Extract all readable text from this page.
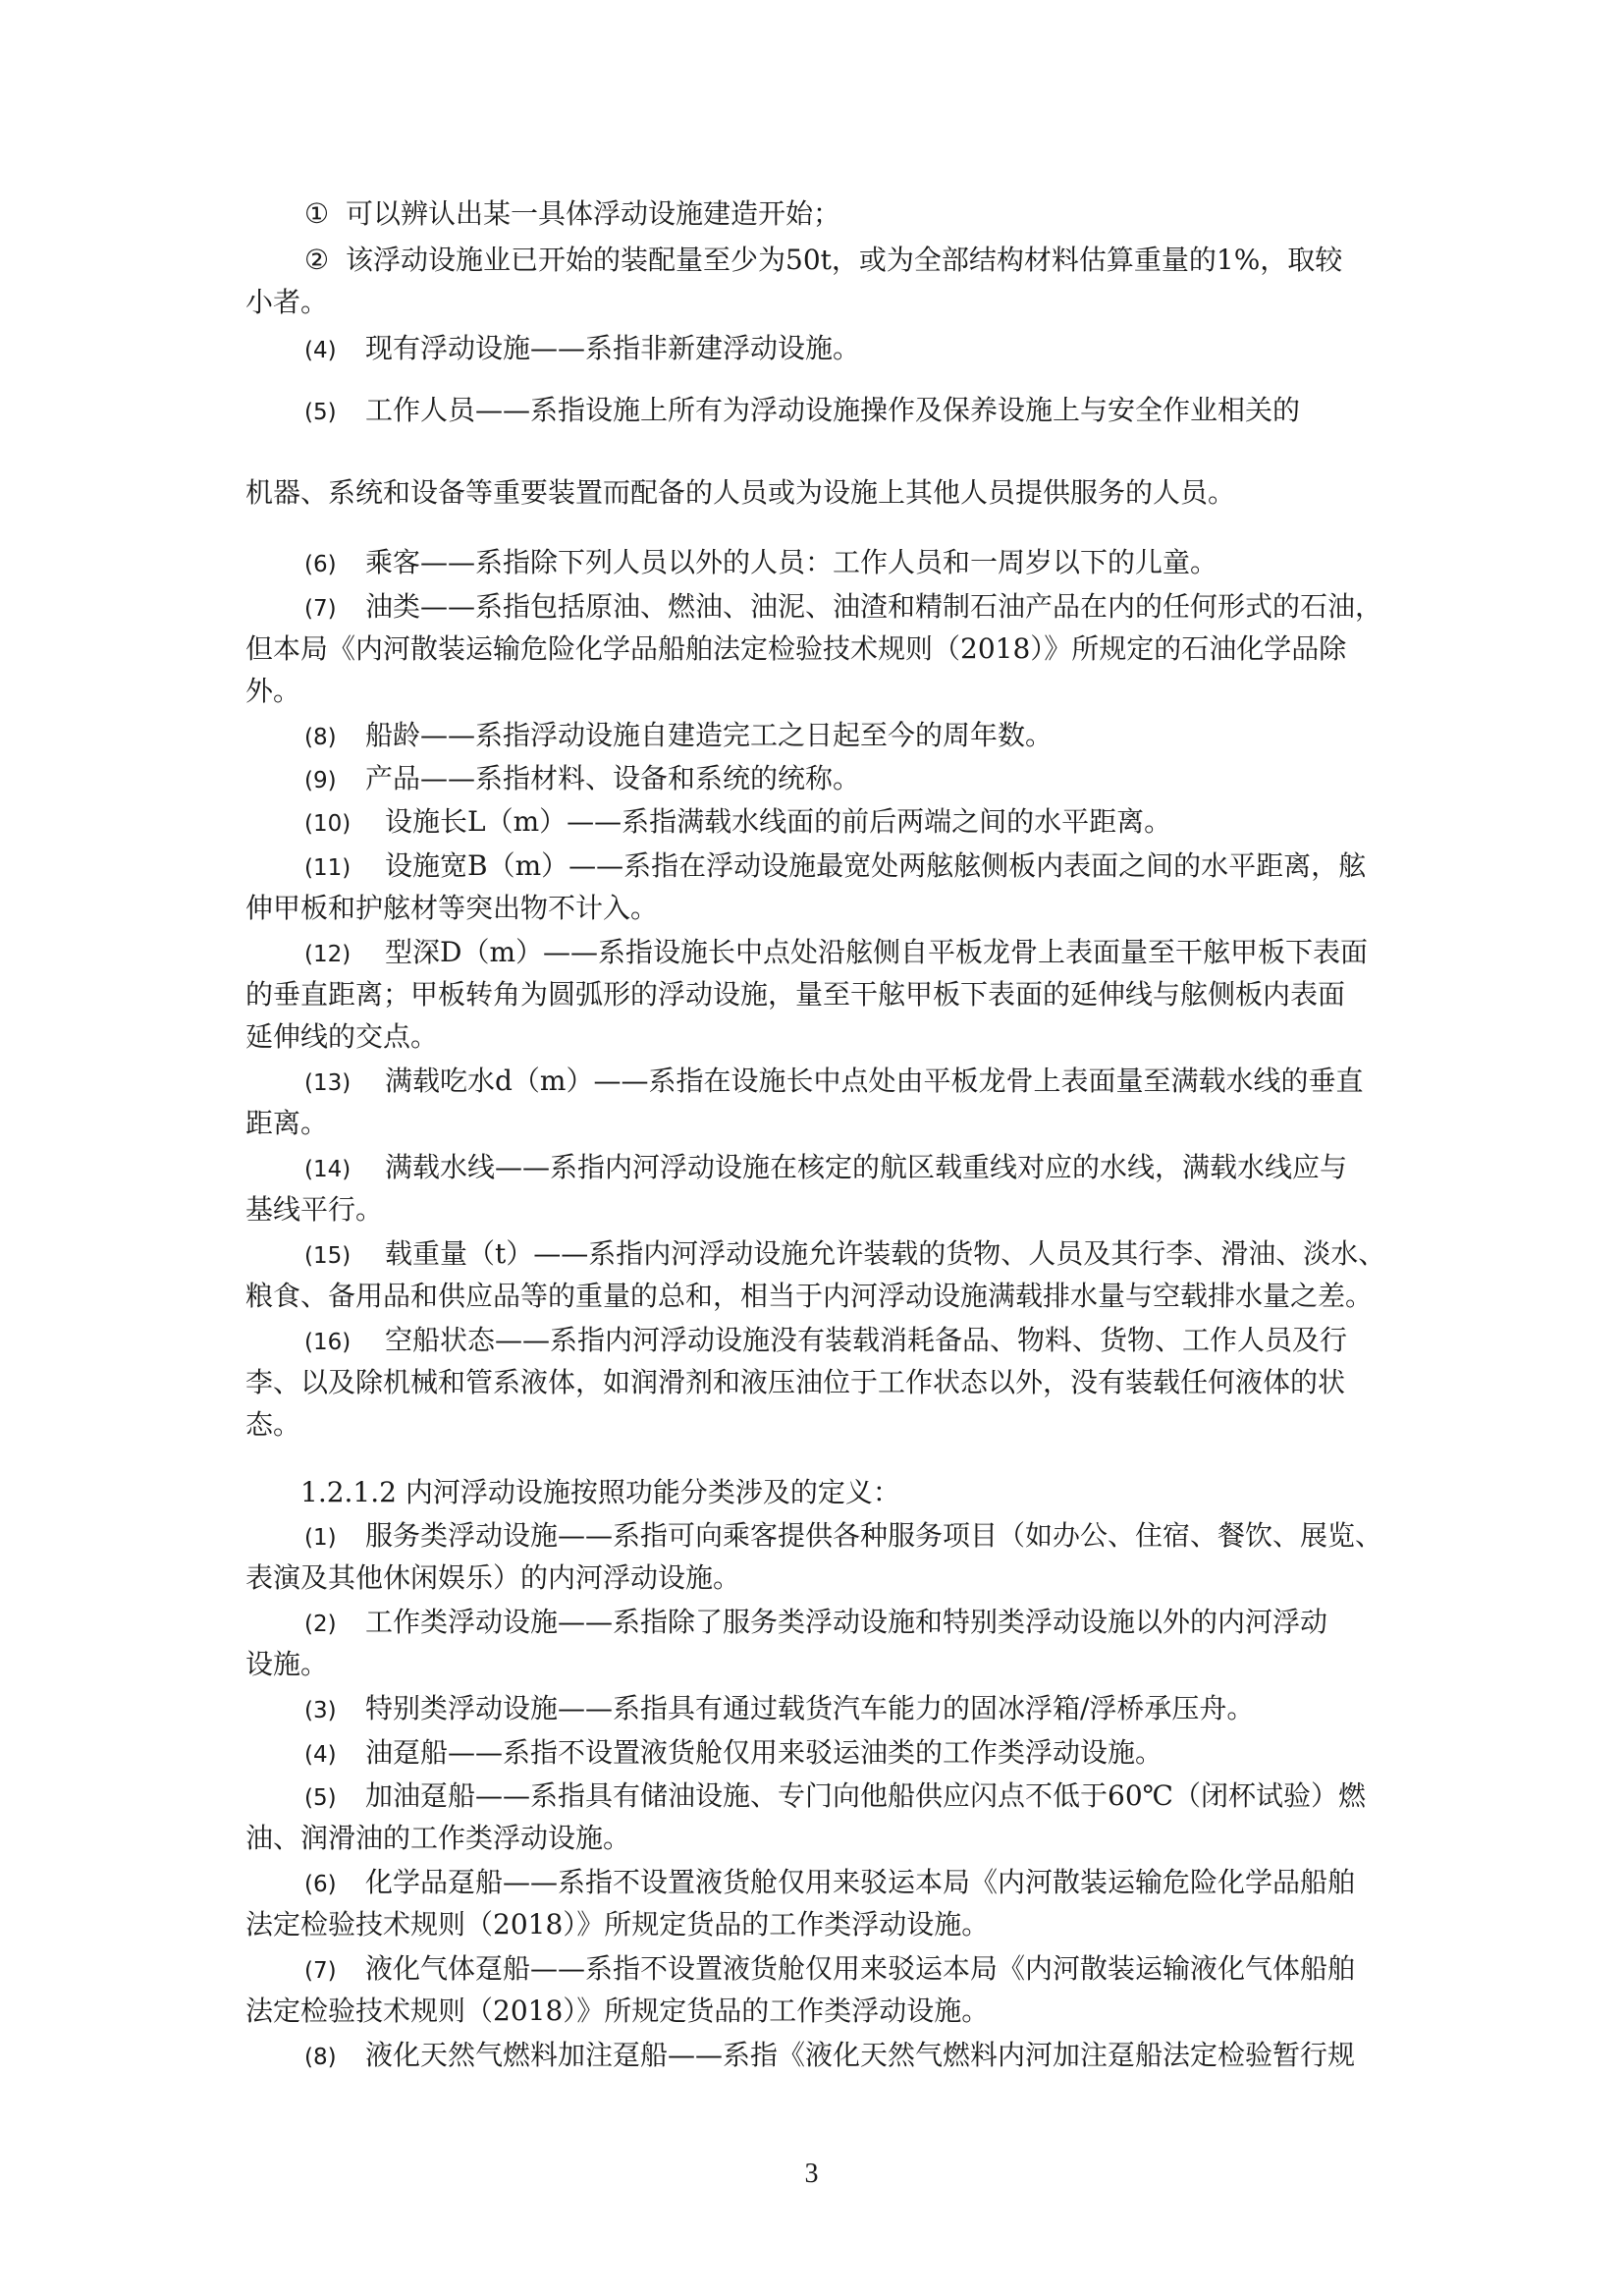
① 可以辨认出某一具体浮动设施建造开始；
② 该浮动设施业已开始的装配量至少为50t，或为全部结构材料估算重量的1%，取较
小者。
(4) 现有浮动设施——系指非新建浮动设施。
(5) 工作人员——系指设施上所有为浮动设施操作及保养设施上与安全作业相关的
机器、系统和设备等重要装置而配备的人员或为设施上其他人员提供服务的人员。
(6) 乘客——系指除下列人员以外的人员：工作人员和一周岁以下的儿童。
(7) 油类——系指包括原油、燃油、油泥、油渣和精制石油产品在内的任何形式的石油，
但本局《内河散装运输危险化学品船舶法定检验技术规则（2018）》所规定的石油化学品除
外。
(8) 船龄——系指浮动设施自建造完工之日起至今的周年数。
(9) 产品——系指材料、设备和系统的统称。
(10) 设施长L（m）——系指满载水线面的前后两端之间的水平距离。
(11) 设施宽B（m）——系指在浮动设施最宽处两舷舷侧板内表面之间的水平距离，舷
伸甲板和护舷材等突出物不计入。
(12) 型深D（m）——系指设施长中点处沿舷侧自平板龙骨上表面量至干舷甲板下表面
的垂直距离；甲板转角为圆弧形的浮动设施，量至干舷甲板下表面的延伸线与舷侧板内表面
延伸线的交点。
(13) 满载吃水d（m）——系指在设施长中点处由平板龙骨上表面量至满载水线的垂直
距离。
(14) 满载水线——系指内河浮动设施在核定的航区载重线对应的水线，满载水线应与
基线平行。
(15) 载重量（t）——系指内河浮动设施允许装载的货物、人员及其行李、滑油、淡水、
粮食、备用品和供应品等的重量的总和，相当于内河浮动设施满载排水量与空载排水量之差。
(16) 空船状态——系指内河浮动设施没有装载消耗备品、物料、货物、工作人员及行
李、以及除机械和管系液体，如润滑剂和液压油位于工作状态以外，没有装载任何液体的状
态。
1.2.1.2 内河浮动设施按照功能分类涉及的定义：
(1) 服务类浮动设施——系指可向乘客提供各种服务项目（如办公、住宿、餐饮、展览、
表演及其他休闲娱乐）的内河浮动设施。
(2) 工作类浮动设施——系指除了服务类浮动设施和特别类浮动设施以外的内河浮动
设施。
(3) 特别类浮动设施——系指具有通过载货汽车能力的固冰浮箱/浮桥承压舟。
(4) 油趸船——系指不设置液货舱仅用来驳运油类的工作类浮动设施。
(5) 加油趸船——系指具有储油设施、专门向他船供应闪点不低于60℃（闭杯试验）燃
油、润滑油的工作类浮动设施。
(6) 化学品趸船——系指不设置液货舱仅用来驳运本局《内河散装运输危险化学品船舶
法定检验技术规则（2018）》所规定货品的工作类浮动设施。
(7) 液化气体趸船——系指不设置液货舱仅用来驳运本局《内河散装运输液化气体船舶
法定检验技术规则（2018）》所规定货品的工作类浮动设施。
(8) 液化天然气燃料加注趸船——系指《液化天然气燃料内河加注趸船法定检验暂行规
3
